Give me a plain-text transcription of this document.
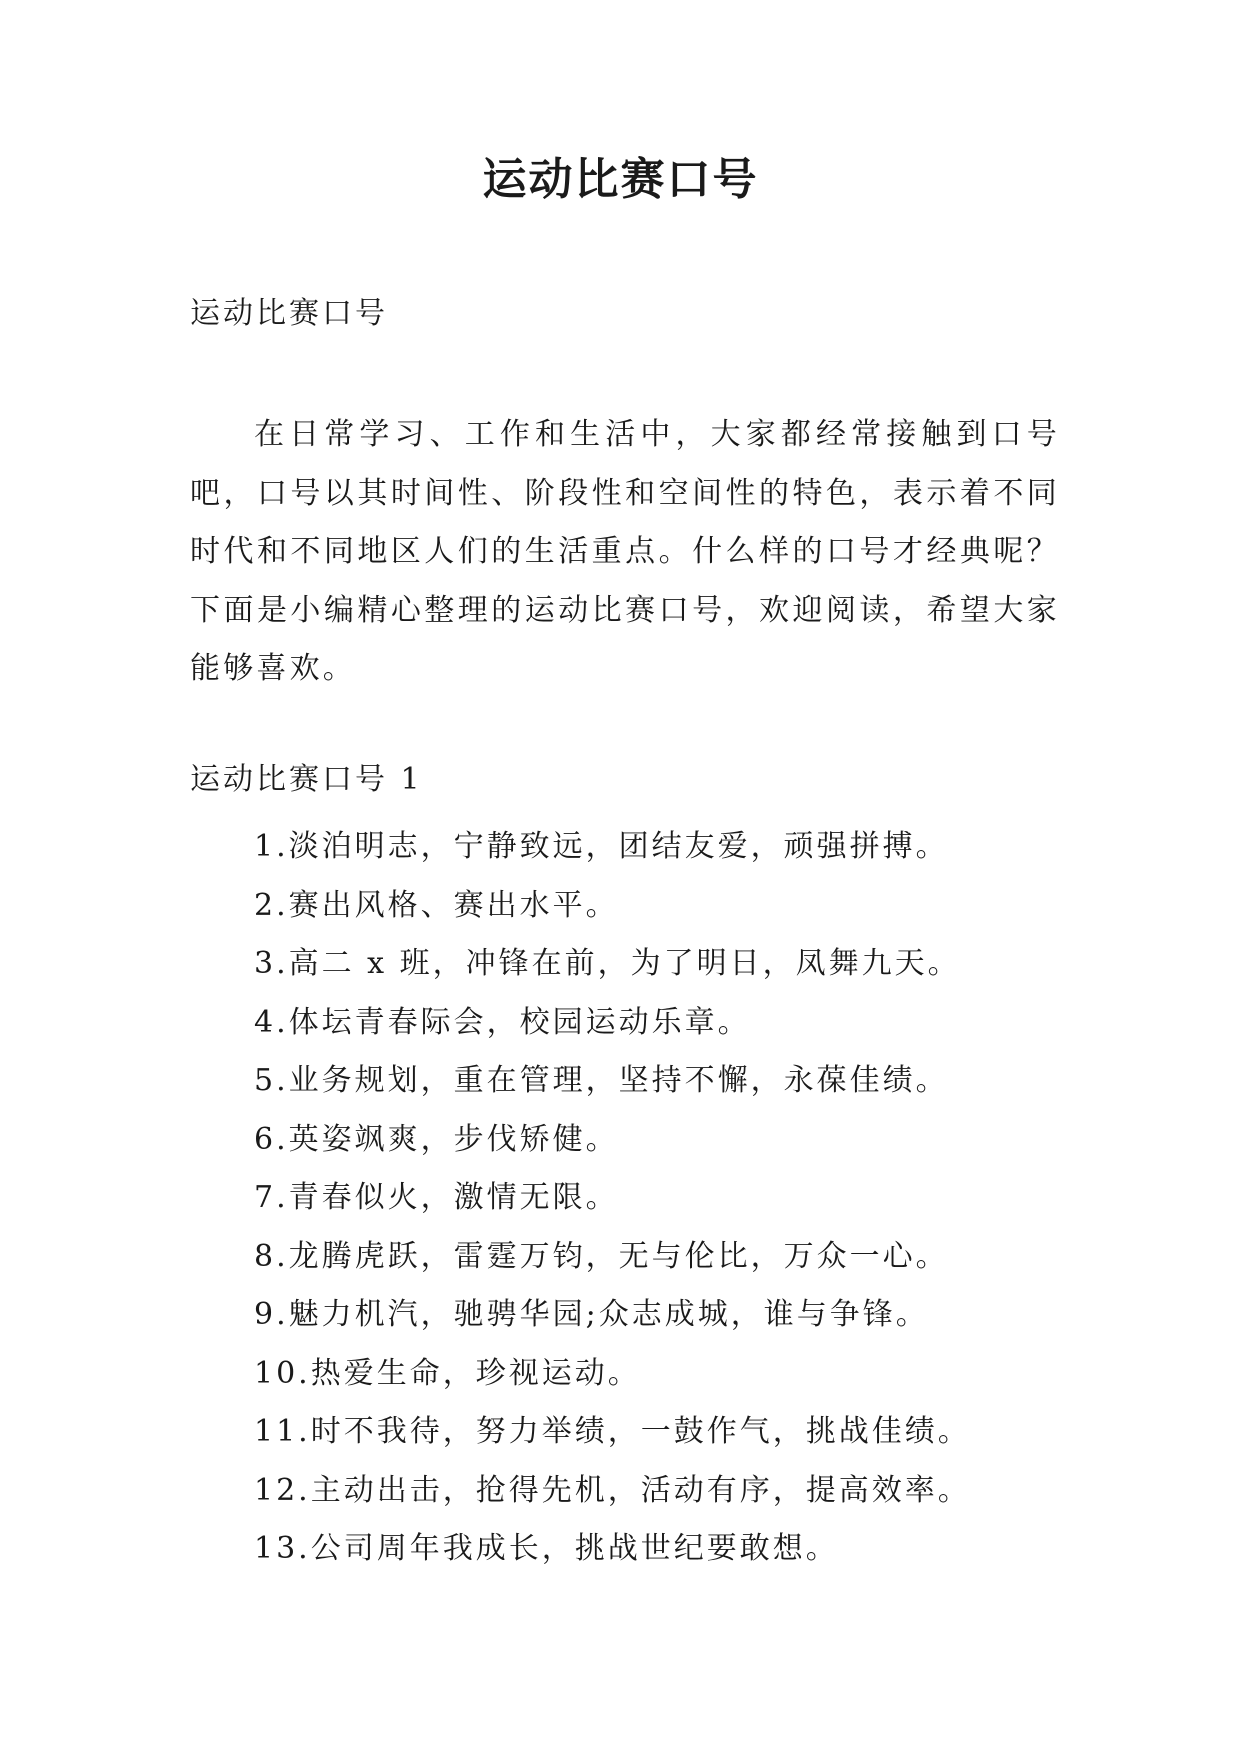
运动比赛口号
运动比赛口号

在日常学习、工作和生活中，大家都经常接触到口号吧，口号以其时间性、阶段性和空间性的特色，表示着不同时代和不同地区人们的生活重点。什么样的口号才经典呢？下面是小编精心整理的运动比赛口号，欢迎阅读，希望大家能够喜欢。

运动比赛口号 1
1.淡泊明志，宁静致远，团结友爱，顽强拼搏。
2.赛出风格、赛出水平。
3.高二 x 班，冲锋在前，为了明日，凤舞九天。
4.体坛青春际会，校园运动乐章。
5.业务规划，重在管理，坚持不懈，永葆佳绩。
6.英姿飒爽，步伐矫健。
7.青春似火，激情无限。
8.龙腾虎跃，雷霆万钧，无与伦比，万众一心。
9.魅力机汽，驰骋华园;众志成城，谁与争锋。
10.热爱生命，珍视运动。
11.时不我待，努力举绩，一鼓作气，挑战佳绩。
12.主动出击，抢得先机，活动有序，提高效率。
13.公司周年我成长，挑战世纪要敢想。
